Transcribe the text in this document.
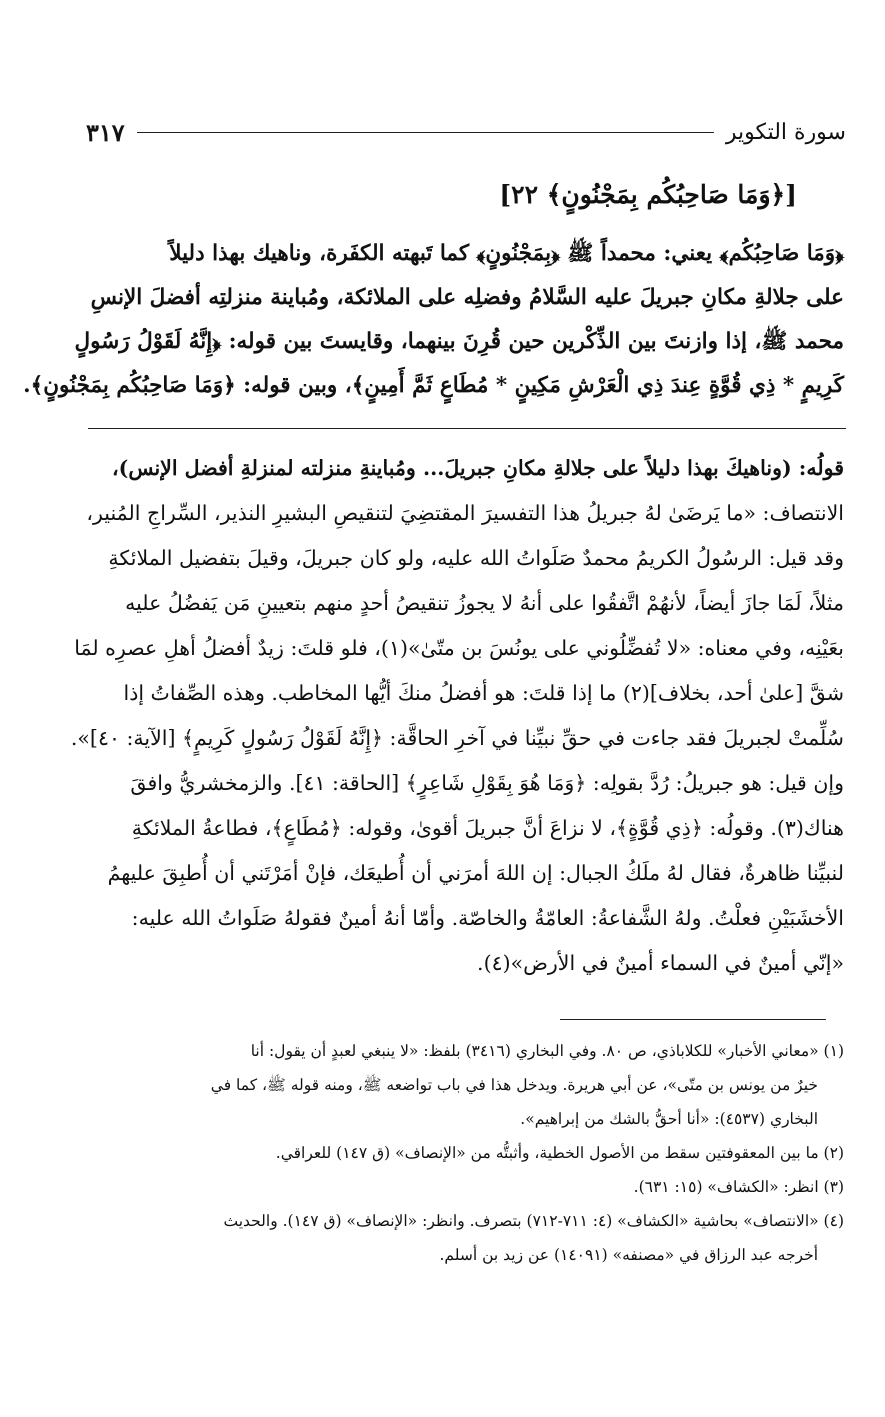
سورة التكوير
٣١٧
[﴿وَمَا صَاحِبُكُم بِمَجْنُونٍ﴾ ٢٢]
﴿وَمَا صَاحِبُكُم﴾ يعني: محمداً ﷺ ﴿بِمَجْنُونٍ﴾ كما تَبهته الكفَرة، وناهيك بهذا دليلاً
على جلالةِ مكانِ جبريلَ عليه السَّلامُ وفضلِه على الملائكة، ومُباينة منزلتِه أفضلَ الإنسِ
محمد ﷺ، إذا وازنتَ بين الذِّكْرين حين قُرِنَ بينهما، وقايستَ بين قوله: ﴿إِنَّهُ لَقَوْلُ رَسُولٍ
كَرِيمٍ * ذِي قُوَّةٍ عِندَ ذِي الْعَرْشِ مَكِينٍ * مُطَاعٍ ثَمَّ أَمِينٍ﴾، وبين قوله: ﴿وَمَا صَاحِبُكُم بِمَجْنُونٍ﴾.
قولُه: (وناهيكَ بهذا دليلاً على جلالةِ مكانِ جبريلَ... ومُباينةِ منزلته لمنزلةِ أفضل الإنس)،
الانتصاف: «ما يَرضَىٰ لهُ جبريلُ هذا التفسيرَ المقتضِيَ لتنقيصِ البشيرِ النذير، السِّراجِ المُنير،
وقد قيل: الرسُولُ الكريمُ محمدٌ صَلَواتُ الله عليه، ولو كان جبريلَ، وقيلَ بتفضيل الملائكةِ
مثلاً، لَمَا جازَ أيضاً، لأنهُمْ اتَّفقُوا على أنهُ لا يجوزُ تنقيصُ أحدٍ منهم بتعيينِ مَن يَفضُلُ عليه
بعَيْنِه، وفي معناه: «لا تُفضِّلُوني على يونُسَ بن متّىٰ»(١)، فلو قلتَ: زيدٌ أفضلُ أهلِ عصرِه لمَا
شقَّ [علىٰ أحد، بخلاف](٢) ما إذا قلتَ: هو أفضلُ منكَ أيُّها المخاطب. وهذه الصِّفاتُ إذا
سُلِّمتْ لجبريلَ فقد جاءت في حقِّ نبيِّنا في آخرِ الحاقَّة: ﴿إِنَّهُ لَقَوْلُ رَسُولٍ كَرِيمٍ﴾ [الآية: ٤٠]».
وإن قيل: هو جبريلُ: رُدَّ بقولِه: ﴿وَمَا هُوَ بِقَوْلِ شَاعِرٍ﴾ [الحاقة: ٤١]. والزمخشريُّ وافقَ
هناك(٣). وقولُه: ﴿ذِي قُوَّةٍ﴾، لا نزاعَ أنَّ جبريلَ أقوىٰ، وقوله: ﴿مُطَاعٍ﴾، فطاعةُ الملائكةِ
لنبيِّنا ظاهرةٌ، فقال لهُ ملَكُ الجبال: إن اللهَ أمرَني أن أُطيعَك، فإنْ أمَرْتَني أن أُطبِقَ عليهمُ
الأخشَبَيْنِ فعلْتُ. ولهُ الشَّفاعةُ: العامّةُ والخاصّة. وأمّا أنهُ أمينٌ فقولهُ صَلَواتُ الله عليه:
«إنّي أمينٌ في السماء أمينٌ في الأرض»(٤).
(١) «معاني الأخبار» للكلاباذي، ص ٨٠. وفي البخاري (٣٤١٦) بلفظ: «لا ينبغي لعبدٍ أن يقول: أنا
خيرٌ من يونس بن متّى»، عن أبي هريرة. ويدخل هذا في باب تواضعه ﷺ، ومنه قوله ﷺ، كما في
البخاري (٤٥٣٧): «أنا أحقُّ بالشك من إبراهيم».
(٢) ما بين المعقوفتين سقط من الأصول الخطية، وأثبتُّه من «الإنصاف» (ق ١٤٧) للعراقي.
(٣) انظر: «الكشاف» (١٥: ٦٣١).
(٤) «الانتصاف» بحاشية «الكشاف» (٤: ٧١١-٧١٢) بتصرف. وانظر: «الإنصاف» (ق ١٤٧). والحديث
أخرجه عبد الرزاق في «مصنفه» (١٤٠٩١) عن زيد بن أسلم.
